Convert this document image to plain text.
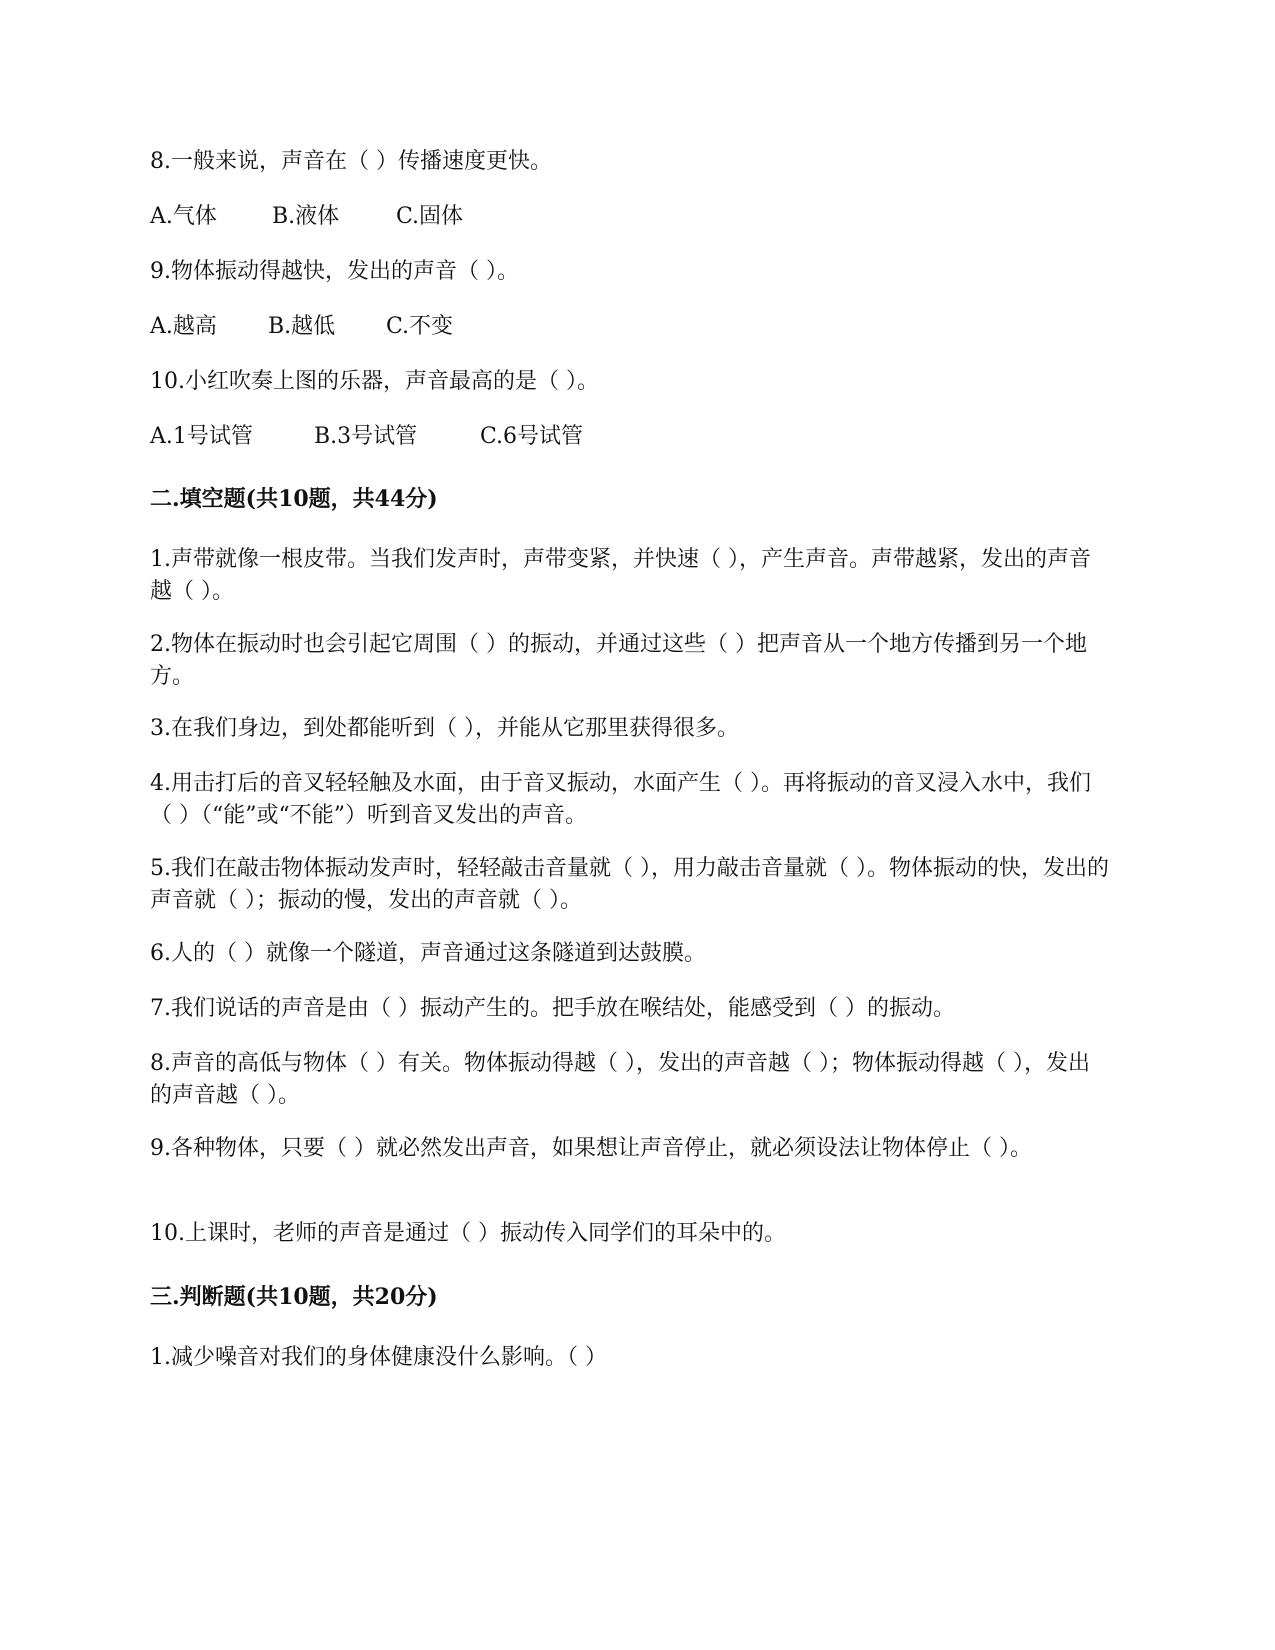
8.一般来说，声音在（ ）传播速度更快。
A.气体	B.液体	C.固体
9.物体振动得越快，发出的声音（ ）。
A.越高	B.越低	C.不变
10.小红吹奏上图的乐器，声音最高的是（ ）。
A.1号试管	B.3号试管	C.6号试管
二.填空题(共10题，共44分)
1.声带就像一根皮带。当我们发声时，声带变紧，并快速（ ），产生声音。声带越紧，发出的声音越（ ）。
2.物体在振动时也会引起它周围（ ）的振动，并通过这些（ ）把声音从一个地方传播到另一个地方。
3.在我们身边，到处都能听到（ ），并能从它那里获得很多。
4.用击打后的音叉轻轻触及水面，由于音叉振动，水面产生（ ）。再将振动的音叉浸入水中，我们（ ）（“能”或“不能”）听到音叉发出的声音。
5.我们在敲击物体振动发声时，轻轻敲击音量就（ ），用力敲击音量就（ ）。物体振动的快，发出的声音就（ ）；振动的慢，发出的声音就（ ）。
6.人的（ ）就像一个隧道，声音通过这条隧道到达鼓膜。
7.我们说话的声音是由（ ）振动产生的。把手放在喉结处，能感受到（ ）的振动。
8.声音的高低与物体（ ）有关。物体振动得越（ ），发出的声音越（ ）；物体振动得越（ ），发出的声音越（ ）。
9.各种物体，只要（ ）就必然发出声音，如果想让声音停止，就必须设法让物体停止（ ）。
10.上课时，老师的声音是通过（ ）振动传入同学们的耳朵中的。
三.判断题(共10题，共20分)
1.减少噪音对我们的身体健康没什么影响。（ ）
